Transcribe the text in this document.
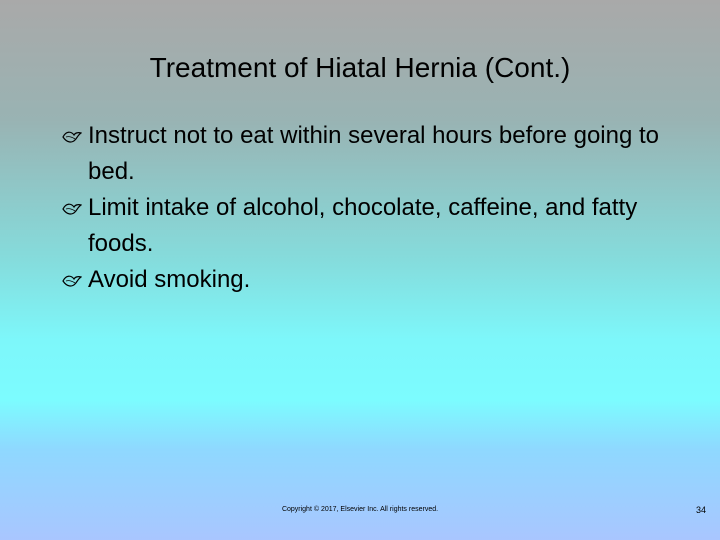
Treatment of Hiatal Hernia (Cont.)
Instruct not to eat within several hours before going to bed.
Limit intake of alcohol, chocolate, caffeine, and fatty foods.
Avoid smoking.
Copyright © 2017, Elsevier Inc. All rights reserved.	34
